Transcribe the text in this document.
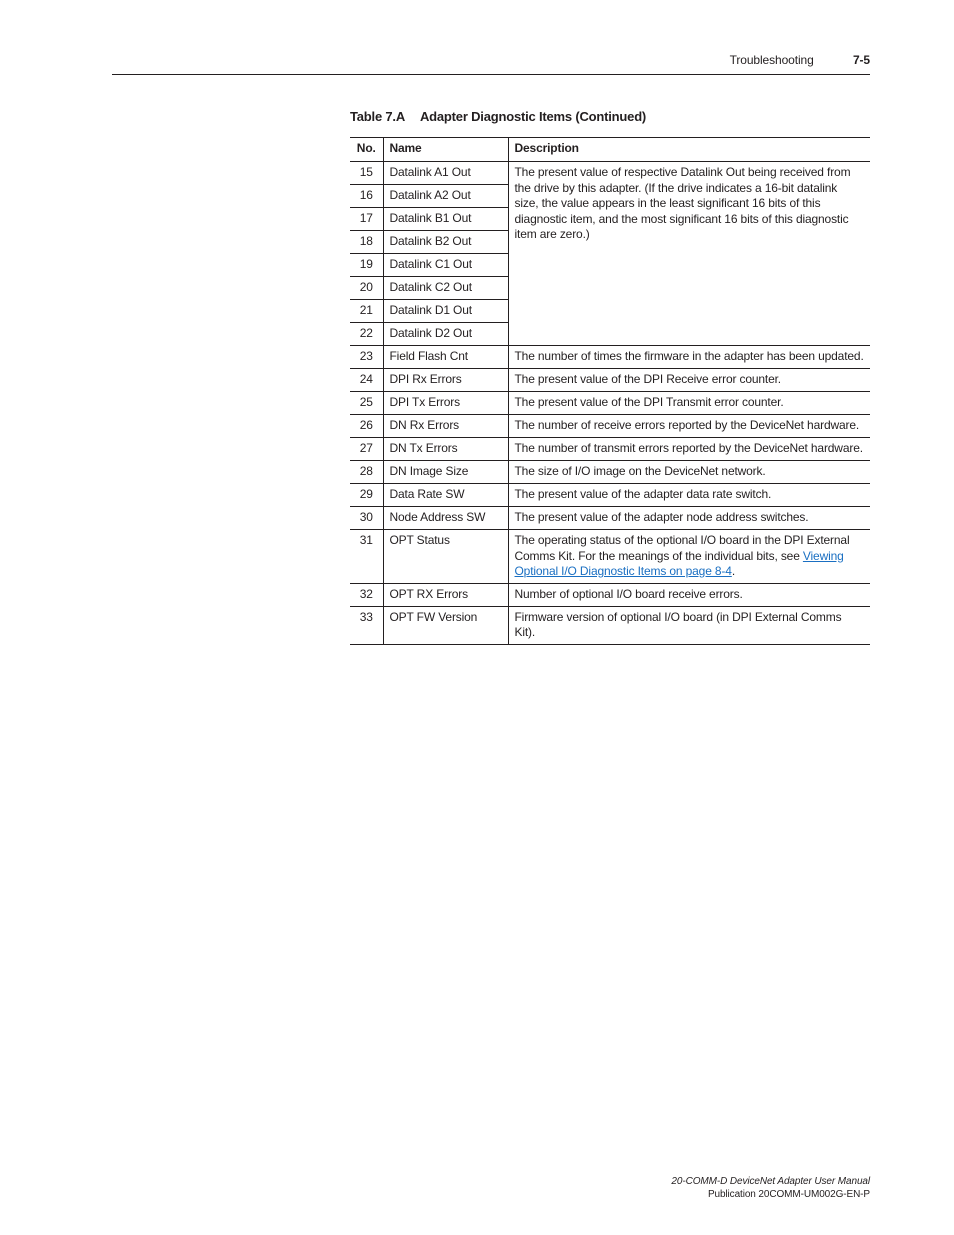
Troubleshooting	7-5
Table 7.A Adapter Diagnostic Items (Continued)
No.	Name	Description
15	Datalink A1 Out	The present value of respective Datalink Out being received from the drive by this adapter. (If the drive indicates a 16-bit datalink size, the value appears in the least significant 16 bits of this diagnostic item, and the most significant 16 bits of this diagnostic item are zero.)
16	Datalink A2 Out	
17	Datalink B1 Out	
18	Datalink B2 Out	
19	Datalink C1 Out	
20	Datalink C2 Out	
21	Datalink D1 Out	
22	Datalink D2 Out	
23	Field Flash Cnt	The number of times the firmware in the adapter has been updated.
24	DPI Rx Errors	The present value of the DPI Receive error counter.
25	DPI Tx Errors	The present value of the DPI Transmit error counter.
26	DN Rx Errors	The number of receive errors reported by the DeviceNet hardware.
27	DN Tx Errors	The number of transmit errors reported by the DeviceNet hardware.
28	DN Image Size	The size of I/O image on the DeviceNet network.
29	Data Rate SW	The present value of the adapter data rate switch.
30	Node Address SW	The present value of the adapter node address switches.
31	OPT Status	The operating status of the optional I/O board in the DPI External Comms Kit. For the meanings of the individual bits, see Viewing Optional I/O Diagnostic Items on page 8-4.
32	OPT RX Errors	Number of optional I/O board receive errors.
33	OPT FW Version	Firmware version of optional I/O board (in DPI External Comms Kit).
20-COMM-D DeviceNet Adapter User Manual
Publication 20COMM-UM002G-EN-P
